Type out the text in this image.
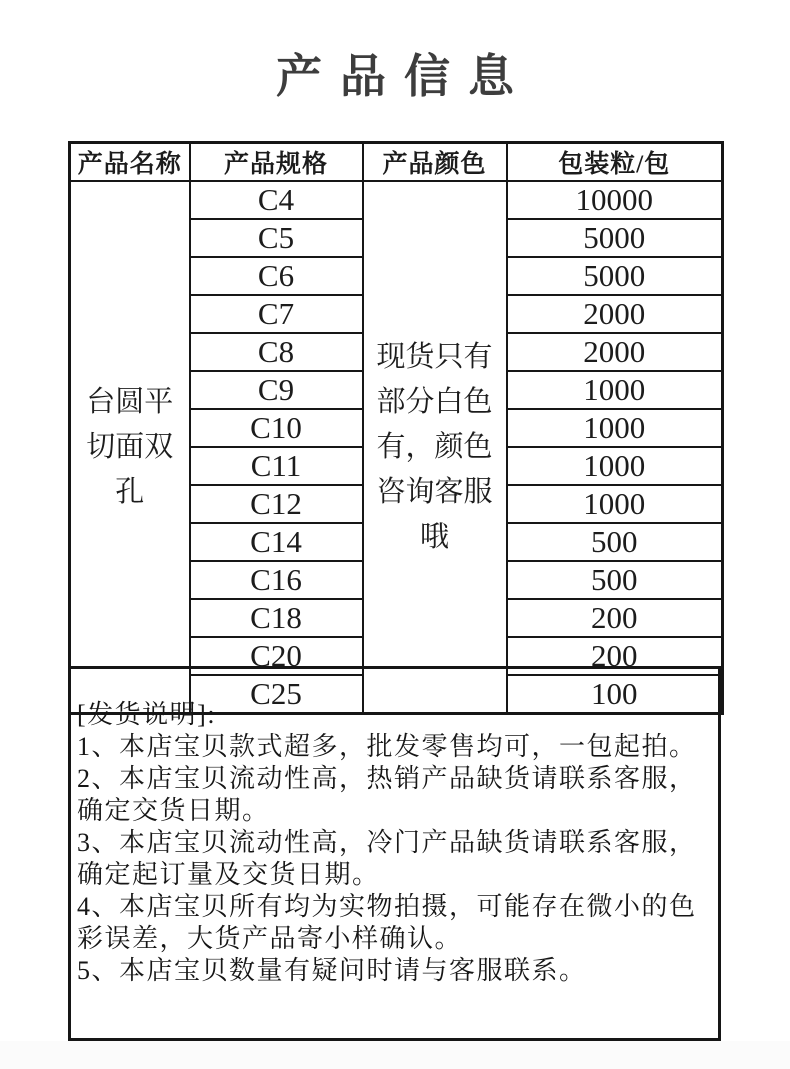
产品信息
产品名称	产品规格	产品颜色	包装粒/包
台圆平切面双孔	C4	现货只有部分白色有，颜色咨询客服哦	10000
	C5		5000
	C6		5000
	C7		2000
	C8		2000
	C9		1000
	C10		1000
	C11		1000
	C12		1000
	C14		500
	C16		500
	C18		200
	C20		200
	C25		100

[发货说明]:

1、本店宝贝款式超多，批发零售均可，一包起拍。

2、本店宝贝流动性高，热销产品缺货请联系客服，确定交货日期。

3、本店宝贝流动性高，冷门产品缺货请联系客服，确定起订量及交货日期。

4、本店宝贝所有均为实物拍摄，可能存在微小的色彩误差，大货产品寄小样确认。

5、本店宝贝数量有疑问时请与客服联系。
